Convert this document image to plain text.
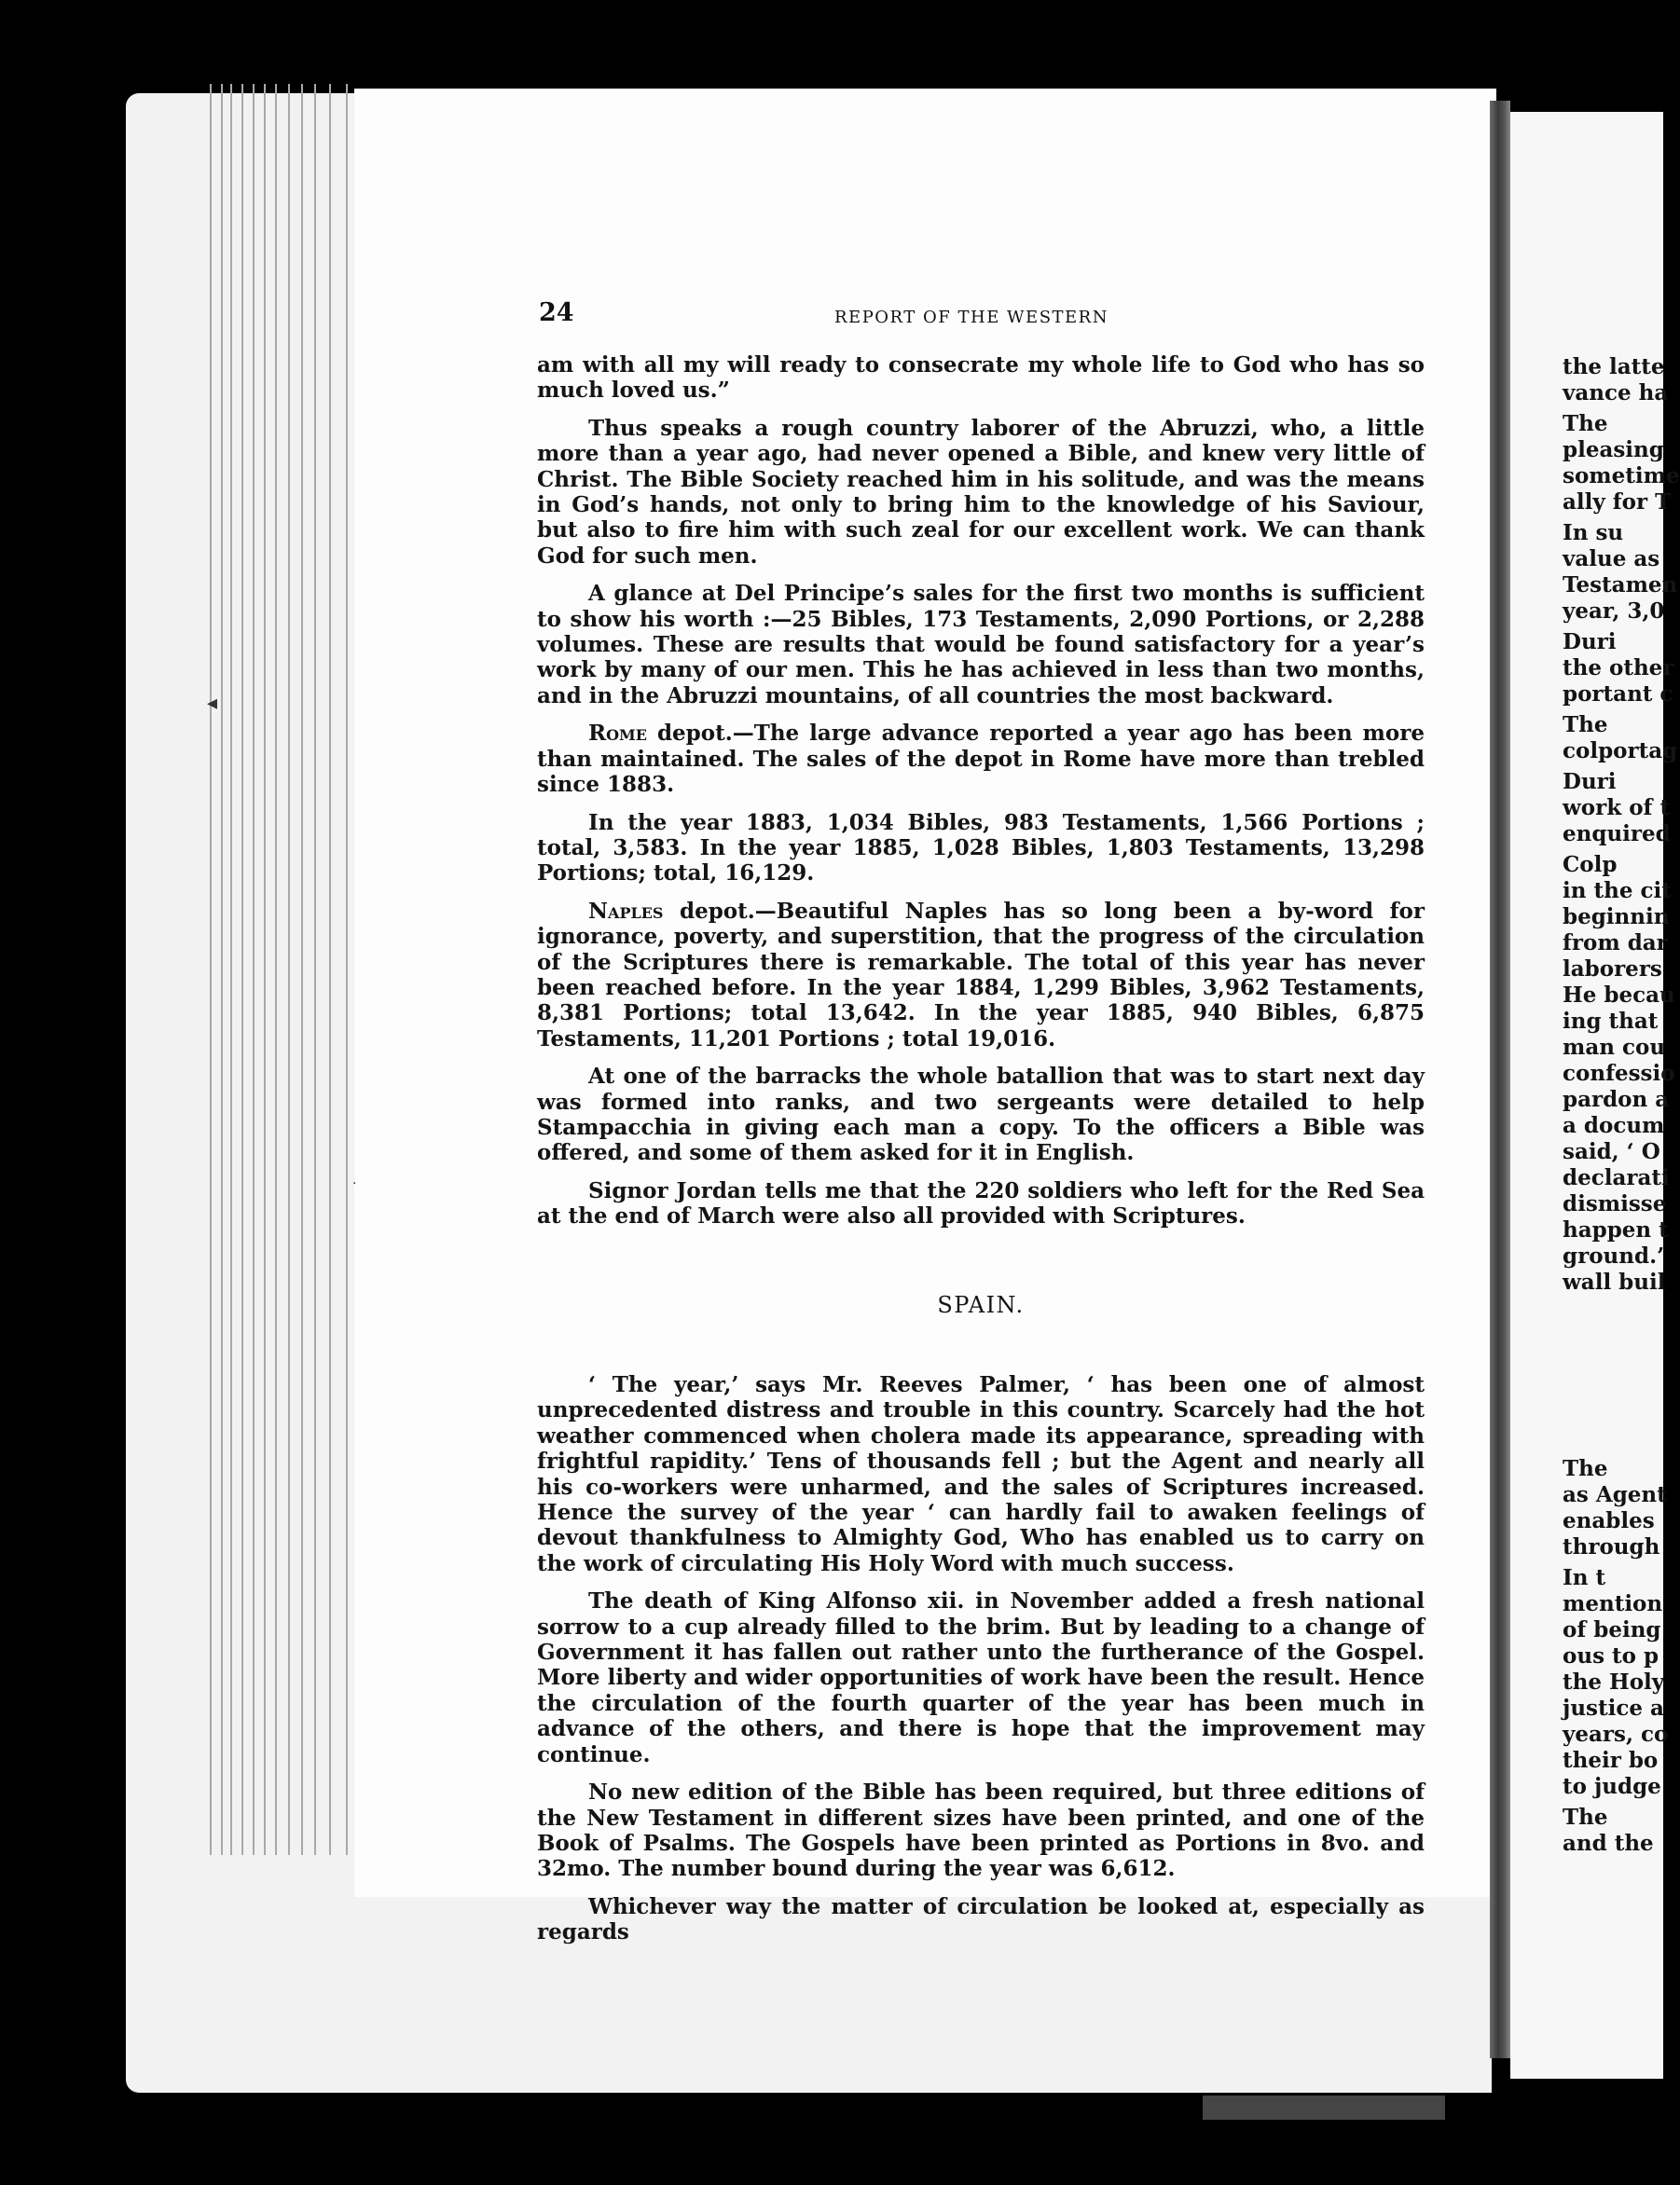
◂
·
24	REPORT OF THE WESTERN

am with all my will ready to consecrate my whole life to God who has so much loved us.”

Thus speaks a rough country laborer of the Abruzzi, who, a little more than a year ago, had never opened a Bible, and knew very little of Christ. The Bible Society reached him in his solitude, and was the means in God’s hands, not only to bring him to the knowledge of his Saviour, but also to fire him with such zeal for our excellent work. We can thank God for such men.

A glance at Del Principe’s sales for the first two months is sufficient to show his worth :—25 Bibles, 173 Testaments, 2,090 Portions, or 2,288 volumes. These are results that would be found satisfactory for a year’s work by many of our men. This he has achieved in less than two months, and in the Abruzzi mountains, of all countries the most backward.

Rome depot.—The large advance reported a year ago has been more than maintained. The sales of the depot in Rome have more than trebled since 1883.

In the year 1883, 1,034 Bibles, 983 Testaments, 1,566 Portions ; total, 3,583. In the year 1885, 1,028 Bibles, 1,803 Testaments, 13,298 Portions; total, 16,129.

Naples depot.—Beautiful Naples has so long been a by-word for ignorance, poverty, and superstition, that the progress of the circulation of the Scriptures there is remarkable. The total of this year has never been reached before. In the year 1884, 1,299 Bibles, 3,962 Testaments, 8,381 Portions; total 13,642. In the year 1885, 940 Bibles, 6,875 Testaments, 11,201 Portions ; total 19,016.

At one of the barracks the whole batallion that was to start next day was formed into ranks, and two sergeants were detailed to help Stampacchia in giving each man a copy. To the officers a Bible was offered, and some of them asked for it in English.

Signor Jordan tells me that the 220 soldiers who left for the Red Sea at the end of March were also all provided with Scriptures.

SPAIN.

‘ The year,’ says Mr. Reeves Palmer, ‘ has been one of almost unprecedented distress and trouble in this country. Scarcely had the hot weather commenced when cholera made its appearance, spreading with frightful rapidity.’ Tens of thousands fell ; but the Agent and nearly all his co-workers were unharmed, and the sales of Scriptures increased. Hence the survey of the year ‘ can hardly fail to awaken feelings of devout thankfulness to Almighty God, Who has enabled us to carry on the work of circulating His Holy Word with much success.

The death of King Alfonso xii. in November added a fresh national sorrow to a cup already filled to the brim. But by leading to a change of Government it has fallen out rather unto the furtherance of the Gospel. More liberty and wider opportunities of work have been the result. Hence the circulation of the fourth quarter of the year has been much in advance of the others, and there is hope that the improvement may continue.

No new edition of the Bible has been required, but three editions of the New Testament in different sizes have been printed, and one of the Book of Psalms. The Gospels have been printed as Portions in 8vo. and 32mo. The number bound during the year was 6,612.

Whichever way the matter of circulation be looked at, especially as regards

the latte
vance ha
The
pleasing
sometime
ally for T
In su
value as
Testamen
year, 3,0
Duri
the other
portant c
The
colportag
Duri
work of t
enquired
Colp
in the cit
beginnin
from dar
laborers
He becau
ing that
man cou
confessio
pardon a
a docum
said, ‘ O
declarati
dismisse
happen t
ground.’
wall buil
The
as Agent
enables
through
In t
mention
of being
ous to p
the Holy
justice a
years, co
their bo
to judge
The
and the
